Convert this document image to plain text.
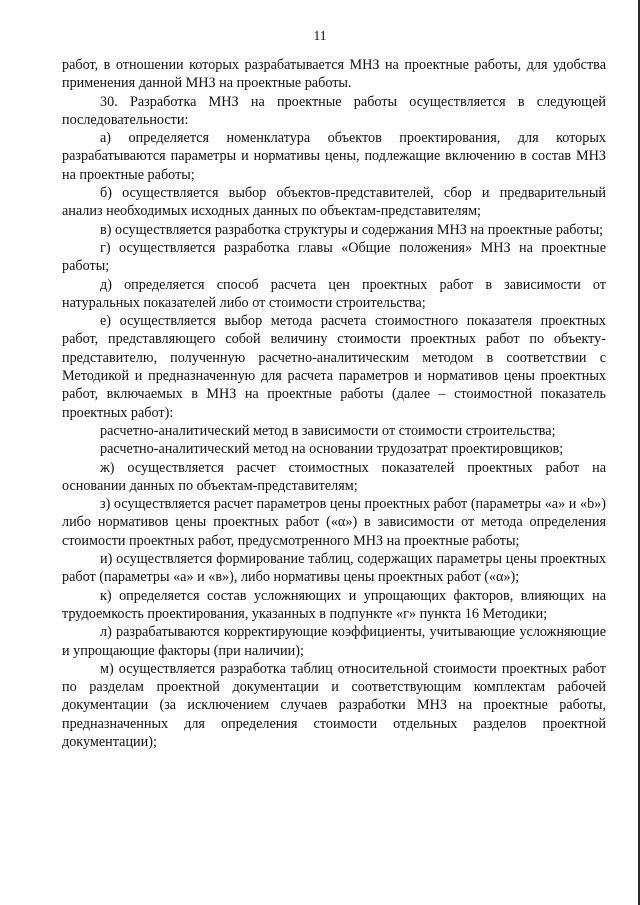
11

работ, в отношении которых разрабатывается МНЗ на проектные работы, для удобства применения данной МНЗ на проектные работы.

30. Разработка МНЗ на проектные работы осуществляется в следующей последовательности:

а) определяется номенклатура объектов проектирования, для которых разрабатываются параметры и нормативы цены, подлежащие включению в состав МНЗ на проектные работы;

б) осуществляется выбор объектов-представителей, сбор и предварительный анализ необходимых исходных данных по объектам-представителям;

в) осуществляется разработка структуры и содержания МНЗ на проектные работы;

г) осуществляется разработка главы «Общие положения» МНЗ на проектные работы;

д) определяется способ расчета цен проектных работ в зависимости от натуральных показателей либо от стоимости строительства;

е) осуществляется выбор метода расчета стоимостного показателя проектных работ, представляющего собой величину стоимости проектных работ по объекту-представителю, полученную расчетно-аналитическим методом в соответствии с Методикой и предназначенную для расчета параметров и нормативов цены проектных работ, включаемых в МНЗ на проектные работы (далее – стоимостной показатель проектных работ):

расчетно-аналитический метод в зависимости от стоимости строительства;

расчетно-аналитический метод на основании трудозатрат проектировщиков;

ж) осуществляется расчет стоимостных показателей проектных работ на основании данных по объектам-представителям;

з) осуществляется расчет параметров цены проектных работ (параметры «а» и «b») либо нормативов цены проектных работ («α») в зависимости от метода определения стоимости проектных работ, предусмотренного МНЗ на проектные работы;

и) осуществляется формирование таблиц, содержащих параметры цены проектных работ (параметры «а» и «в»), либо нормативы цены проектных работ («α»);

к) определяется состав усложняющих и упрощающих факторов, влияющих на трудоемкость проектирования, указанных в подпункте «г» пункта 16 Методики;

л) разрабатываются корректирующие коэффициенты, учитывающие усложняющие и упрощающие факторы (при наличии);

м) осуществляется разработка таблиц относительной стоимости проектных работ по разделам проектной документации и соответствующим комплектам рабочей документации (за исключением случаев разработки МНЗ на проектные работы, предназначенных для определения стоимости отдельных разделов проектной документации);
